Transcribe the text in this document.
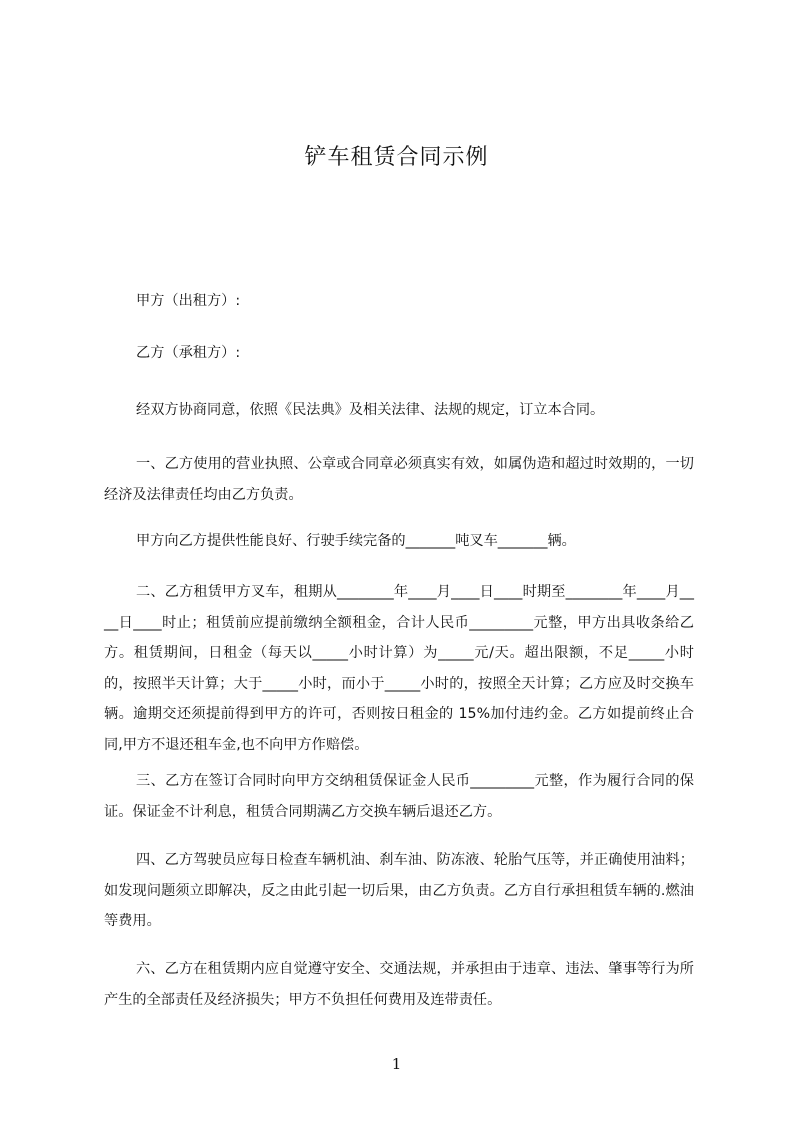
铲车租赁合同示例
甲方（出租方）:
乙方（承租方）:
经双方协商同意，依照《民法典》及相关法律、法规的规定，订立本合同。
一、乙方使用的营业执照、公章或合同章必须真实有效，如属伪造和超过时效期的，一切经济及法律责任均由乙方负责。
甲方向乙方提供性能良好、行驶手续完备的_______吨叉车_______辆。
二、乙方租赁甲方叉车，租期从________年____月____日____时期至________年____月____日____时止；租赁前应提前缴纳全额租金，合计人民币_________元整，甲方出具收条给乙方。租赁期间，日租金（每天以_____小时计算）为_____元/天。超出限额，不足_____小时的，按照半天计算；大于_____小时，而小于_____小时的，按照全天计算；乙方应及时交换车辆。逾期交还须提前得到甲方的许可，否则按日租金的 15%加付违约金。乙方如提前终止合同,甲方不退还租车金,也不向甲方作赔偿。
三、乙方在签订合同时向甲方交纳租赁保证金人民币_________元整，作为履行合同的保证。保证金不计利息，租赁合同期满乙方交换车辆后退还乙方。
四、乙方驾驶员应每日检查车辆机油、刹车油、防冻液、轮胎气压等，并正确使用油料；如发现问题须立即解决，反之由此引起一切后果，由乙方负责。乙方自行承担租赁车辆的.燃油等费用。
六、乙方在租赁期内应自觉遵守安全、交通法规，并承担由于违章、违法、肇事等行为所产生的全部责任及经济损失；甲方不负担任何费用及连带责任。
1
